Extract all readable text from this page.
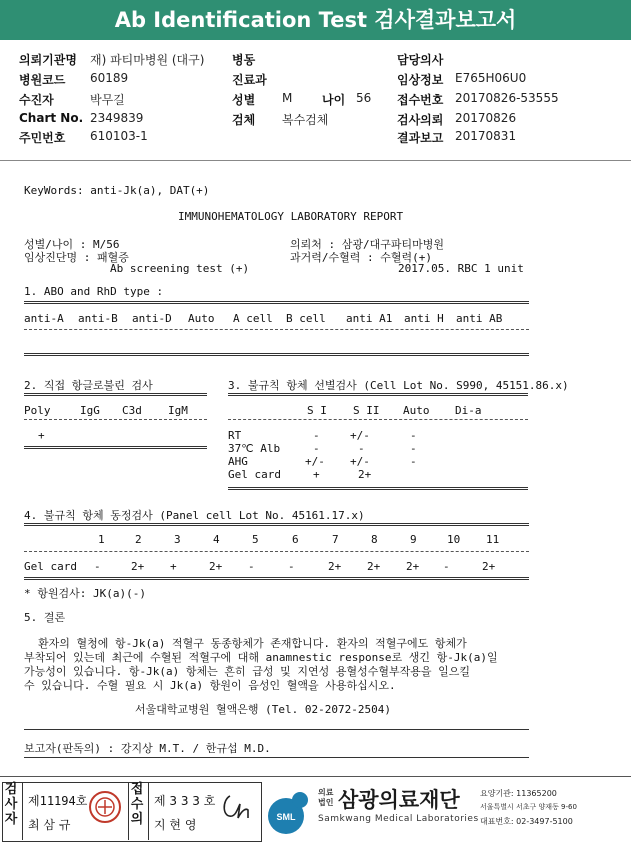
Ab Identification Test 검사결과보고서
의뢰기관명 재) 파티마병원 (대구) 병동	담당의사
병원코드 60189	진료과	임상정보 E765H06U0
수진자	박무길	성별 M 나이 56 접수번호 20170826-53555
Chart No. 2349839	검체 복수검체	검사의뢰 20170826
주민번호 610103-1	결과보고 20170831
KeyWords: anti-Jk(a), DAT(+)
IMMUNOHEMATOLOGY LABORATORY REPORT
성별/나이 : M/56
임상진단명 : 패혈증
Ab screening test (+)
의뢰처 : 삼광/대구파티마병원
과거력/수혈력 : 수혈력(+)
2017.05. RBC 1 unit
1. ABO and RhD type :
anti-A anti-B anti-D Auto A cell B cell anti A1 anti H anti AB
2. 직접 항글로불린 검사
Poly	IgG C3d IgM
+
3. 불규칙 항체 선별검사 (Cell Lot No. S990, 45151.86.x)
S I S II Auto Di-a
RT	-	+/-	-
37℃ Alb	-	-	-
AHG	+/- +/-	-
Gel card	+	2+
4. 불규칙 항체 동정검사 (Panel cell Lot No. 45161.17.x)
1	2	3	4	5	6	7	8	9	10 11
Gel card -	2+ +	2+ -	-	2+ 2+ 2+ -	2+
* 항원검사: JK(a)(-)
5. 결론
환자의 혈청에 항-Jk(a) 적혈구 동종항체가 존재합니다. 환자의 적혈구에도 항체가
부착되어 있는데 최근에 수혈된 적혈구에 대해 anamnestic response로 생긴 항-Jk(a)일
가능성이 있습니다. 항-Jk(a) 항체는 흔히 급성 및 지연성 용혈성수혈부작용을 일으킬
수 있습니다. 수혈 필요 시 Jk(a) 항원이 음성인 혈액을 사용하십시오.
서울대학교병원 혈액은행 (Tel. 02-2072-2504)
보고자(판독의) : 강지상 M.T. / 한규섭 M.D.
검사자
제11194호
최 삼 규
접수의
제 3 3 3 호
지 현 영
SML
의료
법인 삼광의료재단
Samkwang Medical Laboratories
요양기관: 11365200
서울특별시 서초구 양재동 9-60
대표번호: 02-3497-5100
